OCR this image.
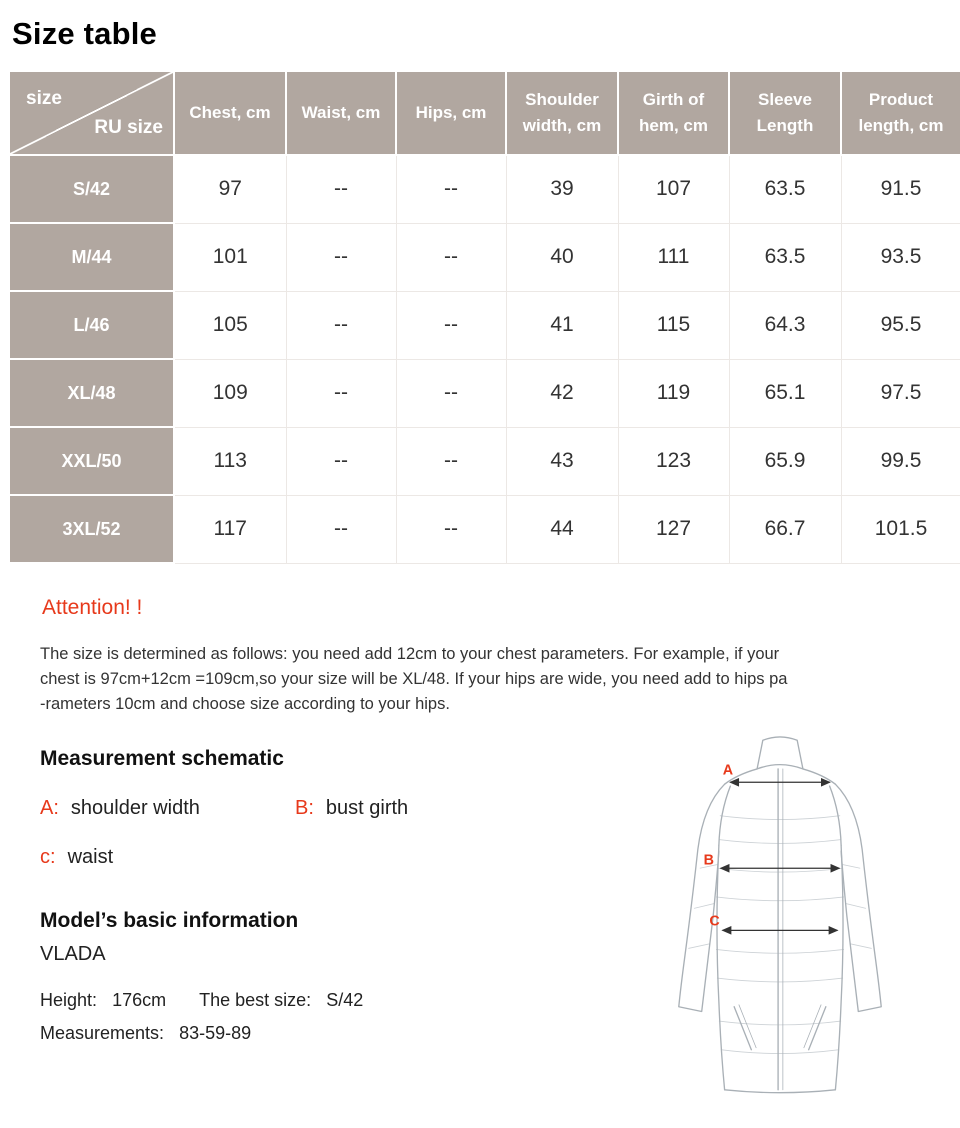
Size table
size
RU size	Chest, cm	Waist, cm	Hips, cm	Shoulder width, cm	Girth of hem, cm	Sleeve Length	Product length, cm
S/42	97	--	--	39	107	63.5	91.5
M/44	101	--	--	40	111	63.5	93.5
L/46	105	--	--	41	115	64.3	95.5
XL/48	109	--	--	42	119	65.1	97.5
XXL/50	113	--	--	43	123	65.9	99.5
3XL/52	117	--	--	44	127	66.7	101.5
Attention! !
The size is determined as follows: you need add 12cm to your chest parameters. For example, if your
chest is 97cm+12cm =109cm,so your size will be XL/48. If your hips are wide, you need add to hips pa
-rameters 10cm and choose size according to your hips.
Measurement schematic
A: shoulder width	B: bust girth
c: waist
Model’s basic information
VLADA
Height: 176cm The best size: S/42
Measurements: 83-59-89
A
B
C
